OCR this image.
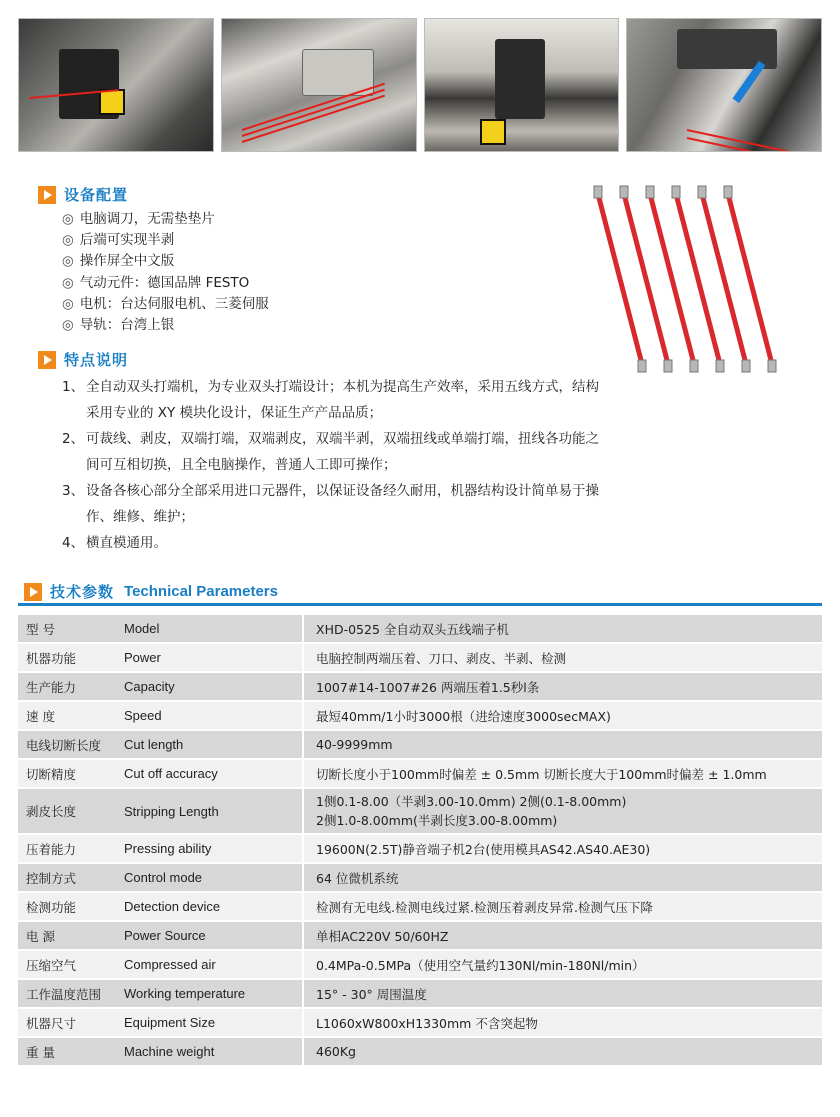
设备配置
◎ 电脑调刀，无需垫垫片
◎ 后端可实现半剥
◎ 操作屏全中文版
◎ 气动元件：德国品牌 FESTO
◎ 电机：台达伺服电机、三菱伺服
◎ 导轨：台湾上银
特点说明
1、 全自动双头打端机，为专业双头打端设计；本机为提高生产效率，采用五线方式，结构采用专业的 XY 模块化设计，保证生产产品品质；
2、 可裁线、剥皮，双端打端，双端剥皮，双端半剥，双端扭线或单端打端，扭线各功能之间可互相切换，且全电脑操作，普通人工即可操作；
3、 设备各核心部分全部采用进口元器件，以保证设备经久耐用，机器结构设计简单易于操作、维修、维护；
4、 横直模通用。
技术参数 Technical Parameters
型 号	Model	XHD-0525 全自动双头五线端子机
机器功能	Power	电脑控制两端压着、刀口、剥皮、半剥、检测
生产能力	Capacity	1007#14-1007#26 两端压着1.5秒l条
速 度	Speed	最短40mm/1小时3000根（进给速度3000secMAX)
电线切断长度	Cut length	40-9999mm
切断精度	Cut off accuracy	切断长度小于100mm时偏差 ± 0.5mm 切断长度大于100mm时偏差 ± 1.0mm
剥皮长度	Stripping Length	1侧0.1-8.00（半剥3.00-10.0mm) 2侧(0.1-8.00mm)
2侧1.0-8.00mm(半剥长度3.00-8.00mm)

压着能力	Pressing ability	19600N(2.5T)静音端子机2台(使用模具AS42.AS40.AE30)
控制方式	Control mode	64 位微机系统
检测功能	Detection device	检测有无电线.检测电线过紧.检测压着剥皮异常.检测气压下降
电 源	Power Source	单相AC220V 50/60HZ
压缩空气	Compressed air	0.4MPa-0.5MPa（使用空气量约130Nl/min-180Nl/min）
工作温度范围	Working temperature	15° - 30° 周围温度
机器尺寸	Equipment Size	L1060xW800xH1330mm 不含突起物
重 量	Machine weight	460Kg
